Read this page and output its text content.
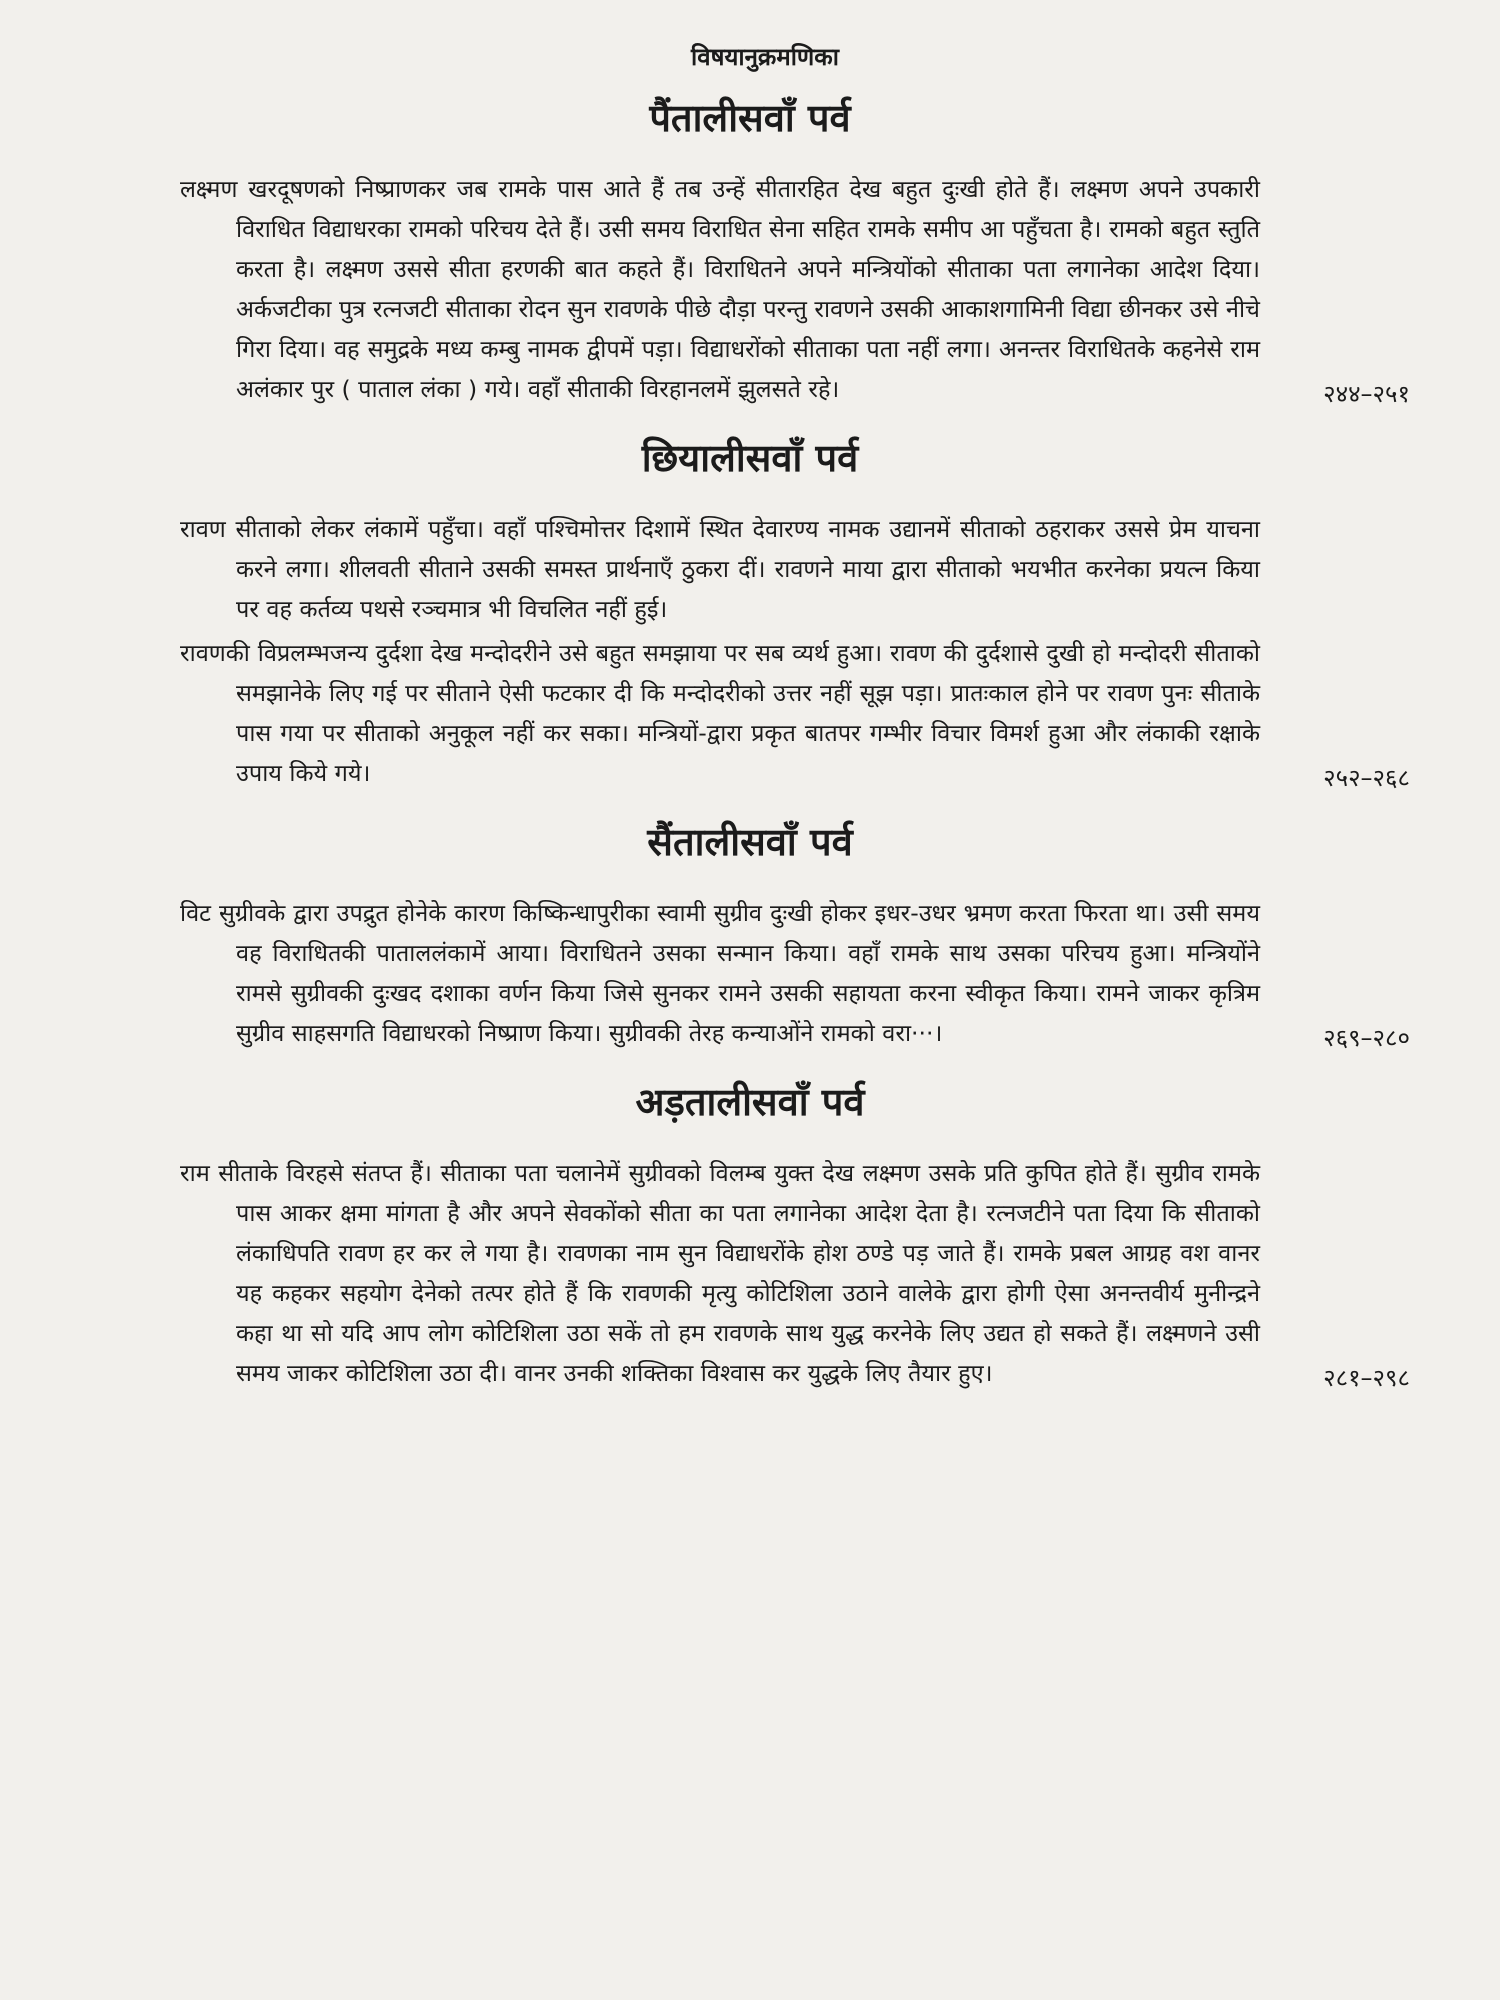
विषयानुक्रमणिका
पैंतालीसवाँ पर्व

लक्ष्मण खरदूषणको निष्प्राणकर जब रामके पास आते हैं तब उन्हें सीतारहित देख बहुत दुःखी होते हैं। लक्ष्मण अपने उपकारी विराधित विद्याधरका रामको परिचय देते हैं। उसी समय विराधित सेना सहित रामके समीप आ पहुँचता है। रामको बहुत स्तुति करता है। लक्ष्मण उससे सीता हरणकी बात कहते हैं। विराधितने अपने मन्त्रियोंको सीताका पता लगानेका आदेश दिया। अर्कजटीका पुत्र रत्नजटी सीताका रोदन सुन रावणके पीछे दौड़ा परन्तु रावणने उसकी आकाशगामिनी विद्या छीनकर उसे नीचे गिरा दिया। वह समुद्रके मध्य कम्बु नामक द्वीपमें पड़ा। विद्याधरोंको सीताका पता नहीं लगा। अनन्तर विराधितके कहनेसे राम अलंकार पुर ( पाताल लंका ) गये। वहाँ सीताकी विरहानलमें झुलसते रहे।	२४४–२५१
छियालीसवाँ पर्व

रावण सीताको लेकर लंकामें पहुँचा। वहाँ पश्चिमोत्तर दिशामें स्थित देवारण्य नामक उद्यानमें सीताको ठहराकर उससे प्रेम याचना करने लगा। शीलवती सीताने उसकी समस्त प्रार्थनाएँ ठुकरा दीं। रावणने माया द्वारा सीताको भयभीत करनेका प्रयत्न किया पर वह कर्तव्य पथसे रञ्चमात्र भी विचलित नहीं हुई।

रावणकी विप्रलम्भजन्य दुर्दशा देख मन्दोदरीने उसे बहुत समझाया पर सब व्यर्थ हुआ। रावण की दुर्दशासे दुखी हो मन्दोदरी सीताको समझानेके लिए गई पर सीताने ऐसी फटकार दी कि मन्दोदरीको उत्तर नहीं सूझ पड़ा। प्रातःकाल होने पर रावण पुनः सीताके पास गया पर सीताको अनुकूल नहीं कर सका। मन्त्रियों-द्वारा प्रकृत बातपर गम्भीर विचार विमर्श हुआ और लंकाकी रक्षाके उपाय किये गये।	२५२–२६८
सैंतालीसवाँ पर्व

विट सुग्रीवके द्वारा उपद्रुत होनेके कारण किष्किन्धापुरीका स्वामी सुग्रीव दुःखी होकर इधर-उधर भ्रमण करता फिरता था। उसी समय वह विराधितकी पाताललंकामें आया। विराधितने उसका सन्मान किया। वहाँ रामके साथ उसका परिचय हुआ। मन्त्रियोंने रामसे सुग्रीवकी दुःखद दशाका वर्णन किया जिसे सुनकर रामने उसकी सहायता करना स्वीकृत किया। रामने जाकर कृत्रिम सुग्रीव साहसगति विद्याधरको निष्प्राण किया। सुग्रीवकी तेरह कन्याओंने रामको वरा···।	२६९–२८०
अड़तालीसवाँ पर्व

राम सीताके विरहसे संतप्त हैं। सीताका पता चलानेमें सुग्रीवको विलम्ब युक्त देख लक्ष्मण उसके प्रति कुपित होते हैं। सुग्रीव रामके पास आकर क्षमा मांगता है और अपने सेवकोंको सीता का पता लगानेका आदेश देता है। रत्नजटीने पता दिया कि सीताको लंकाधिपति रावण हर कर ले गया है। रावणका नाम सुन विद्याधरोंके होश ठण्डे पड़ जाते हैं। रामके प्रबल आग्रह वश वानर यह कहकर सहयोग देनेको तत्पर होते हैं कि रावणकी मृत्यु कोटिशिला उठाने वालेके द्वारा होगी ऐसा अनन्तवीर्य मुनीन्द्रने कहा था सो यदि आप लोग कोटिशिला उठा सकें तो हम रावणके साथ युद्ध करनेके लिए उद्यत हो सकते हैं। लक्ष्मणने उसी समय जाकर कोटिशिला उठा दी। वानर उनकी शक्तिका विश्वास कर युद्धके लिए तैयार हुए।	२८१–२९८
